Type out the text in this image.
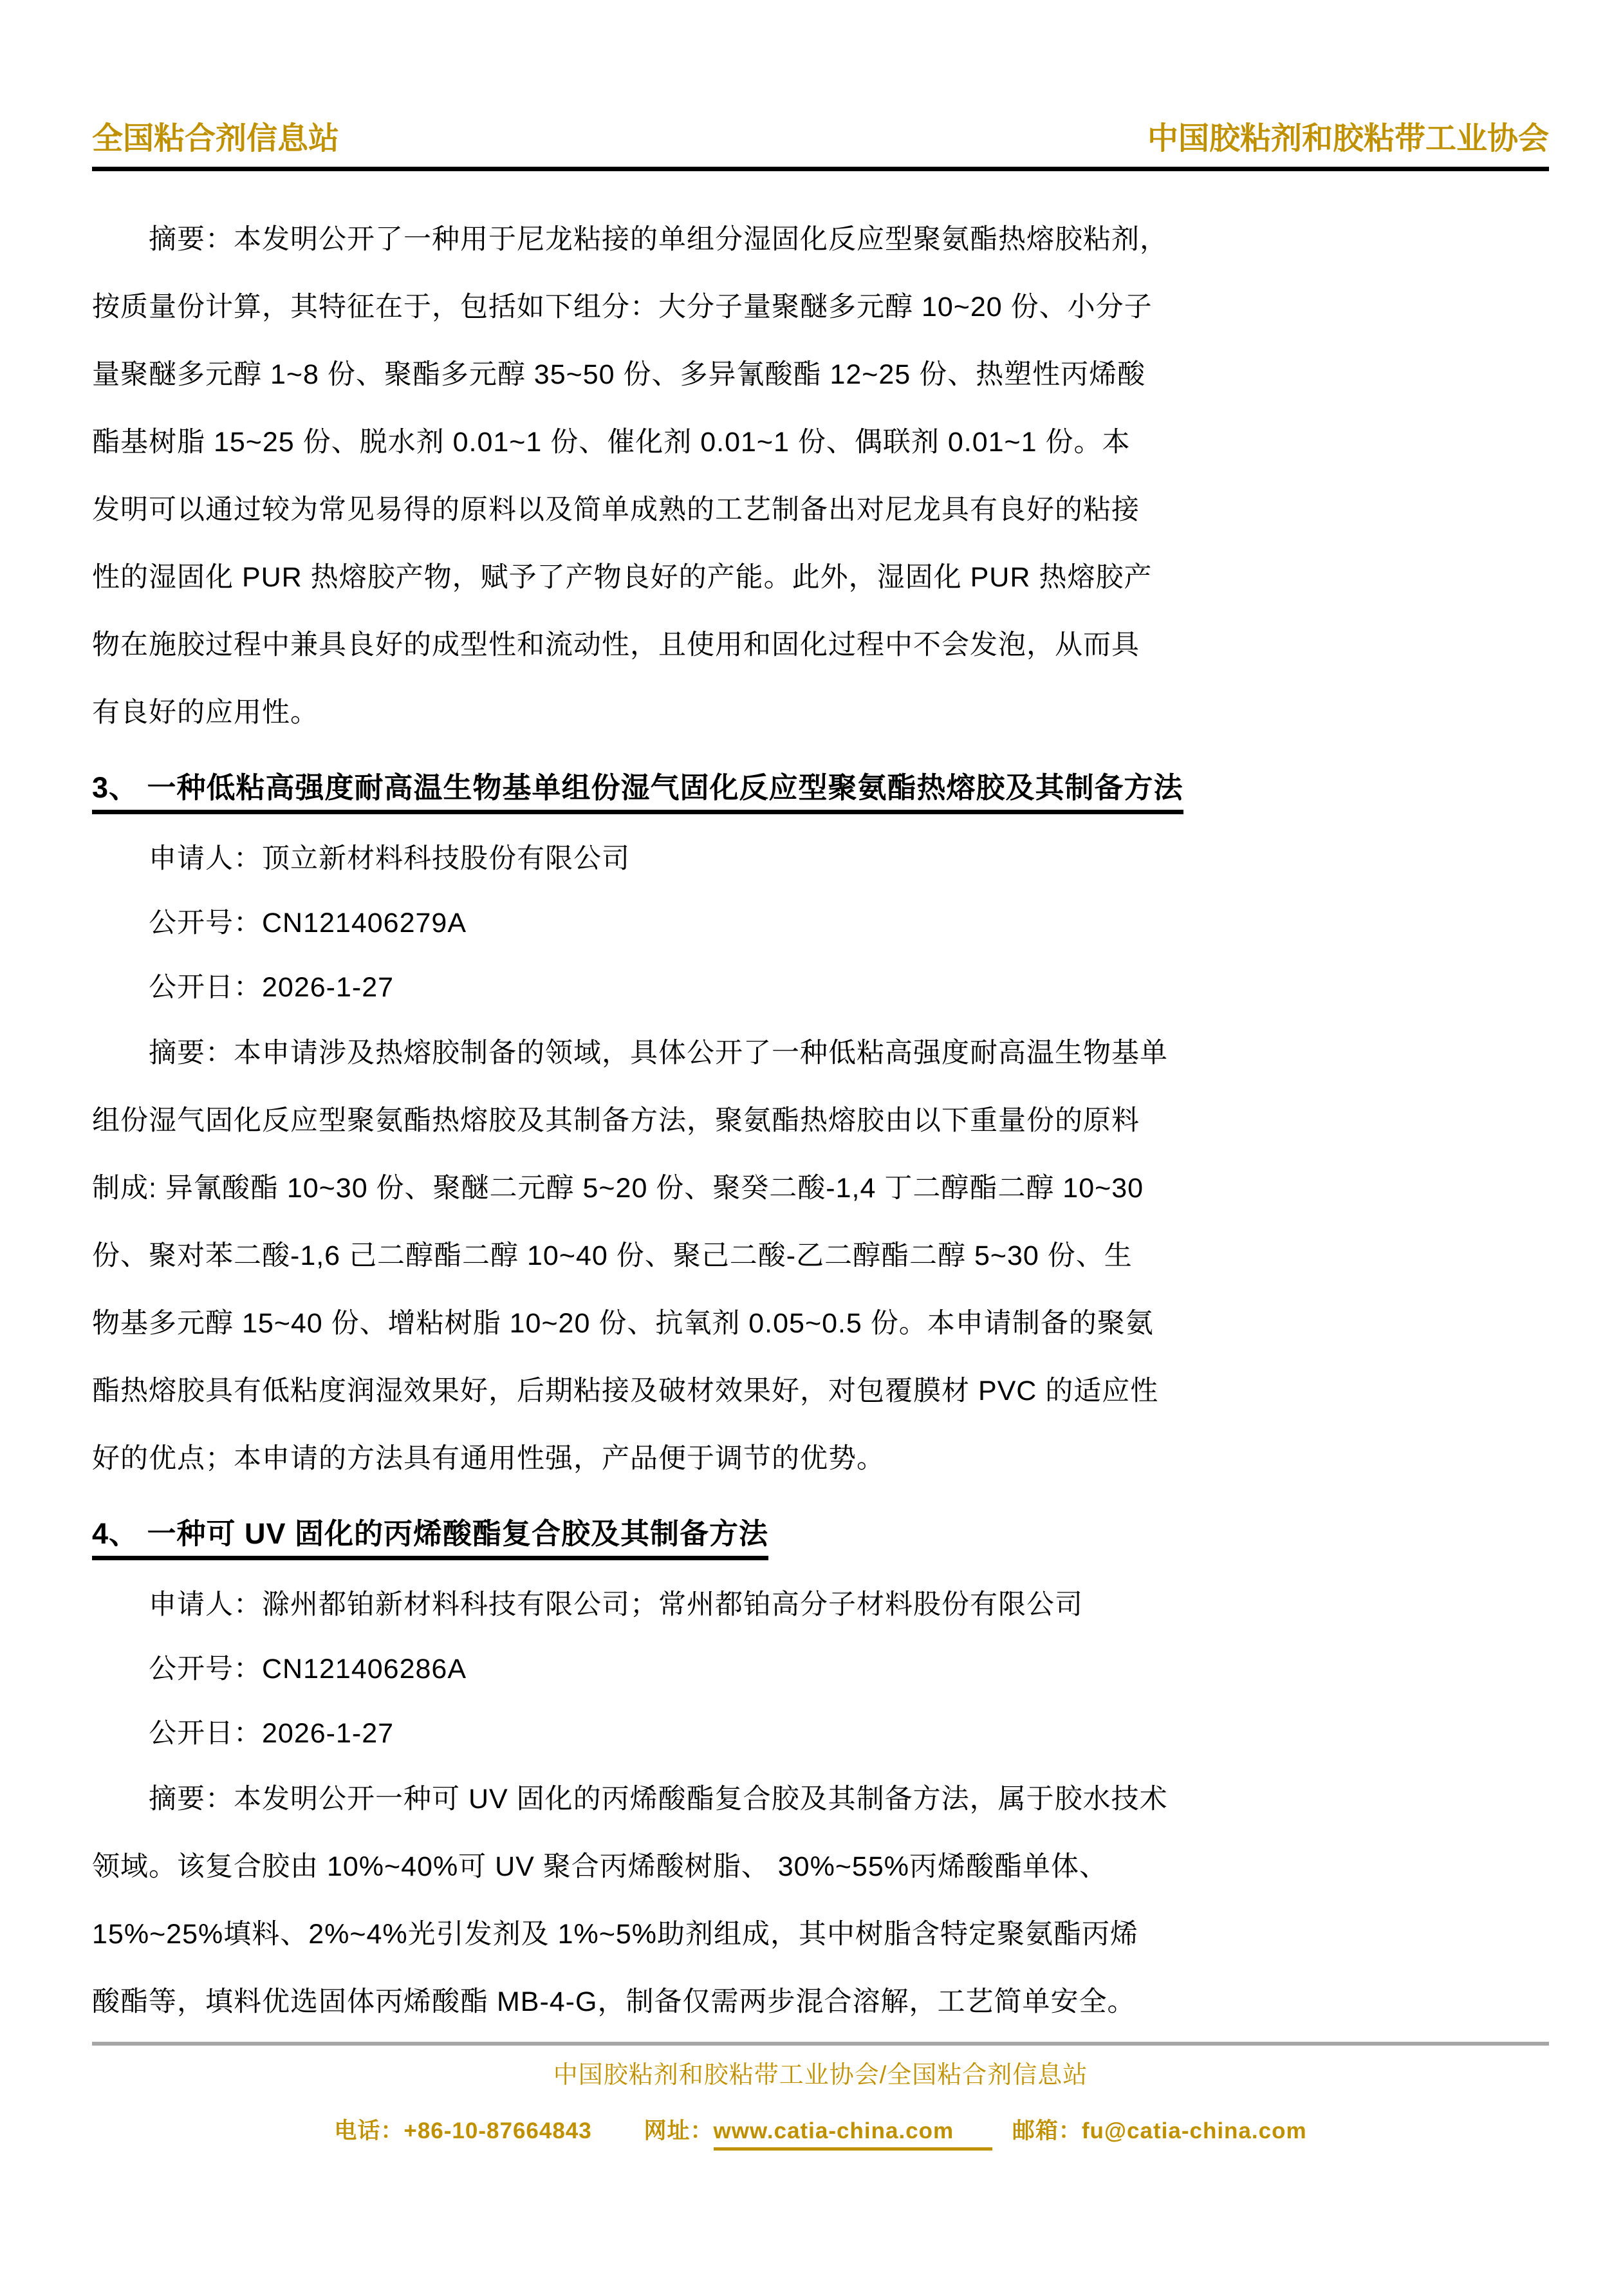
全国粘合剂信息站	中国胶粘剂和胶粘带工业协会
摘要：本发明公开了一种用于尼龙粘接的单组分湿固化反应型聚氨酯热熔胶粘剂，
按质量份计算，其特征在于，包括如下组分：大分子量聚醚多元醇 10~20 份、小分子
量聚醚多元醇 1~8 份、聚酯多元醇 35~50 份、多异氰酸酯 12~25 份、热塑性丙烯酸
酯基树脂 15~25 份、脱水剂 0.01~1 份、催化剂 0.01~1 份、偶联剂 0.01~1 份。本
发明可以通过较为常见易得的原料以及简单成熟的工艺制备出对尼龙具有良好的粘接
性的湿固化 PUR 热熔胶产物，赋予了产物良好的产能。此外，湿固化 PUR 热熔胶产
物在施胶过程中兼具良好的成型性和流动性，且使用和固化过程中不会发泡，从而具
有良好的应用性。
3、 一种低粘高强度耐高温生物基单组份湿气固化反应型聚氨酯热熔胶及其制备方法
申请人：顶立新材料科技股份有限公司
公开号：CN121406279A
公开日：2026-1-27
摘要：本申请涉及热熔胶制备的领域，具体公开了一种低粘高强度耐高温生物基单
组份湿气固化反应型聚氨酯热熔胶及其制备方法，聚氨酯热熔胶由以下重量份的原料
制成: 异氰酸酯 10~30 份、聚醚二元醇 5~20 份、聚癸二酸-1,4 丁二醇酯二醇 10~30
份、聚对苯二酸-1,6 己二醇酯二醇 10~40 份、聚己二酸-乙二醇酯二醇 5~30 份、生
物基多元醇 15~40 份、增粘树脂 10~20 份、抗氧剂 0.05~0.5 份。本申请制备的聚氨
酯热熔胶具有低粘度润湿效果好，后期粘接及破材效果好，对包覆膜材 PVC 的适应性
好的优点；本申请的方法具有通用性强，产品便于调节的优势。
4、 一种可 UV 固化的丙烯酸酯复合胶及其制备方法
申请人：滁州都铂新材料科技有限公司；常州都铂高分子材料股份有限公司
公开号：CN121406286A
公开日：2026-1-27
摘要：本发明公开一种可 UV 固化的丙烯酸酯复合胶及其制备方法，属于胶水技术
领域。该复合胶由 10%~40%可 UV 聚合丙烯酸树脂、 30%~55%丙烯酸酯单体、
15%~25%填料、2%~4%光引发剂及 1%~5%助剂组成，其中树脂含特定聚氨酯丙烯
酸酯等，填料优选固体丙烯酸酯 MB-4-G，制备仅需两步混合溶解，工艺简单安全。
中国胶粘剂和胶粘带工业协会/全国粘合剂信息站
电话：+86-10-87664843 网址：www.catia-china.com	邮箱：fu@catia-china.com
